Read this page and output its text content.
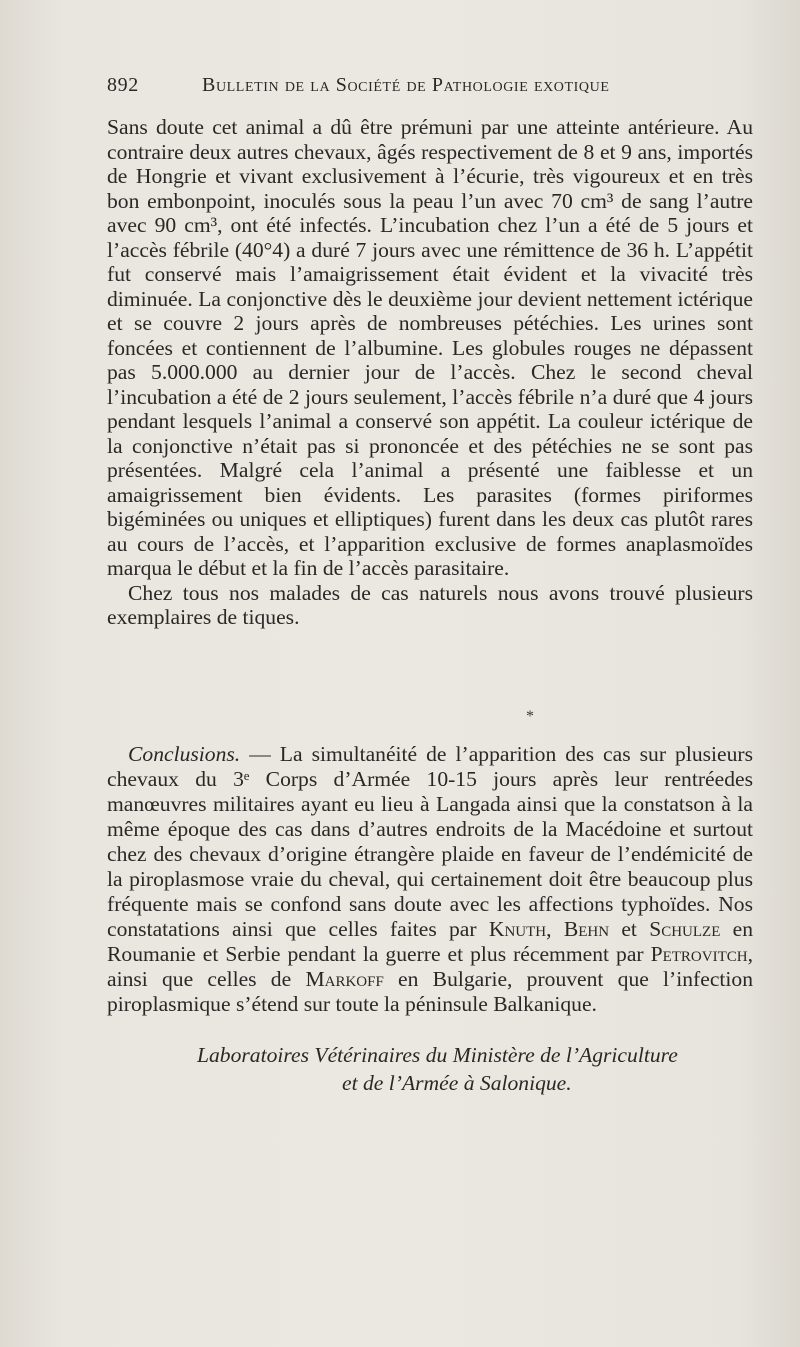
892	Bulletin de la Société de Pathologie exotique

Sans doute cet animal a dû être prémuni par une atteinte antérieure. Au contraire deux autres chevaux, âgés respectivement de 8 et 9 ans, importés de Hongrie et vivant exclusivement à l’écurie, très vigoureux et en très bon embonpoint, inoculés sous la peau l’un avec 70 cm³ de sang l’autre avec 90 cm³, ont été infectés. L’incubation chez l’un a été de 5 jours et l’accès fébrile (40°4) a duré 7 jours avec une rémittence de 36 h. L’appétit fut conservé mais l’amaigrissement était évident et la vivacité très diminuée. La conjonctive dès le deuxième jour devient nettement ictérique et se couvre 2 jours après de nombreuses pétéchies. Les urines sont foncées et contiennent de l’albumine. Les globules rouges ne dépassent pas 5.000.000 au dernier jour de l’accès. Chez le second cheval l’incubation a été de 2 jours seulement, l’accès fébrile n’a duré que 4 jours pendant lesquels l’animal a conservé son appétit. La couleur ictérique de la conjonctive n’était pas si prononcée et des pétéchies ne se sont pas présentées. Malgré cela l’animal a présenté une faiblesse et un amaigrissement bien évidents. Les parasites (formes piriformes bigéminées ou uniques et elliptiques) furent dans les deux cas plutôt rares au cours de l’accès, et l’apparition exclusive de formes anaplasmoïdes marqua le début et la fin de l’accès parasitaire.

Chez tous nos malades de cas naturels nous avons trouvé plusieurs exemplaires de tiques.

*

Conclusions. — La simultanéité de l’apparition des cas sur plusieurs chevaux du 3ᵉ Corps d’Armée 10-15 jours après leur rentréedes manœuvres militaires ayant eu lieu à Langada ainsi que la constatson à la même époque des cas dans d’autres endroits de la Macédoine et surtout chez des chevaux d’origine étrangère plaide en faveur de l’endémicité de la piroplasmose vraie du cheval, qui certainement doit être beaucoup plus fréquente mais se confond sans doute avec les affections typhoïdes. Nos constatations ainsi que celles faites par Knuth, Behn et Schulze en Roumanie et Serbie pendant la guerre et plus récemment par Petrovitch, ainsi que celles de Markoff en Bulgarie, prouvent que l’infection piroplasmique s’étend sur toute la péninsule Balkanique.

Laboratoires Vétérinaires du Ministère de l’Agriculture
et de l’Armée à Salonique.
